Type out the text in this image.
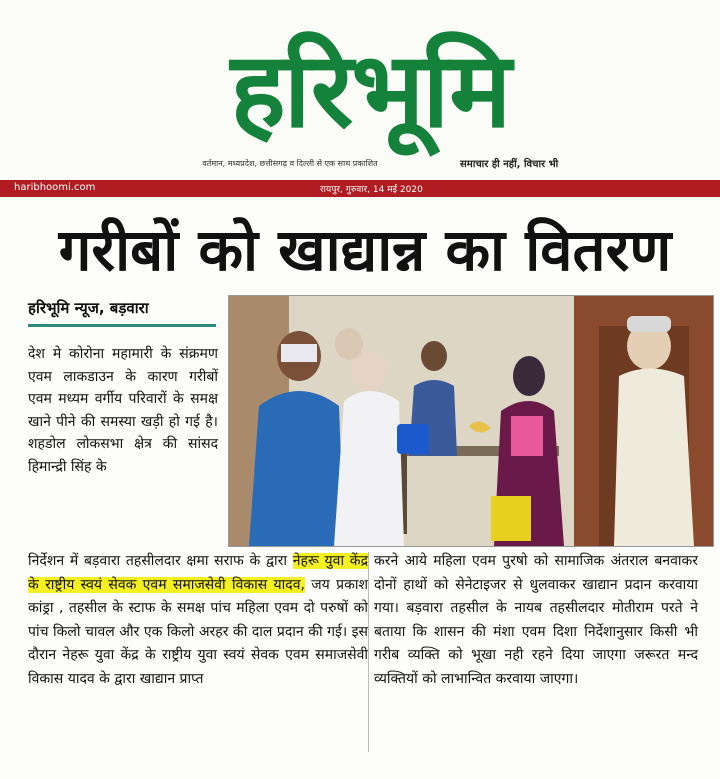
हरिभूमि
वर्तमान, मध्यप्रदेश, छत्तीसगढ़ व दिल्ली से एक साथ प्रकाशित	समाचार ही नहीं, विचार भी
haribhoomi.com	रायपुर, गुरुवार, 14 मई 2020
गरीबों को खाद्यान्न का वितरण
हरिभूमि न्यूज, बड़वारा
देश मे कोरोना महामारी के संक्रमण एवम लाकडाउन के कारण गरीबों एवम मध्यम वर्गीय परिवारों के समक्ष खाने पीने की समस्या खड़ी हो गई है। शहडोल लोकसभा क्षेत्र की सांसद हिमान्द्री सिंह के
निर्देशन में बड़वारा तहसीलदार क्षमा सराफ के द्वारा नेहरू युवा केंद्र के राष्ट्रीय स्वयं सेवक एवम समाजसेवी विकास यादव, जय प्रकाश कांड्रा , तहसील के स्टाफ के समक्ष पांच महिला एवम दो परुषों को पांच किलो चावल और एक किलो अरहर की दाल प्रदान की गई। इस दौरान नेहरू युवा केंद्र के राष्ट्रीय युवा स्वयं सेवक एवम समाजसेवी विकास यादव के द्वारा खाद्यान प्राप्त
करने आये महिला एवम पुरषो को सामाजिक अंतराल बनवाकर दोनों हाथों को सेनेटाइजर से धुलवाकर खाद्यान प्रदान करवाया गया। बड़वारा तहसील के नायब तहसीलदार मोतीराम परते ने बताया कि शासन की मंशा एवम दिशा निर्देशानुसार किसी भी गरीब व्यक्ति को भूखा नही रहने दिया जाएगा जरूरत मन्द व्यक्तियों को लाभान्वित करवाया जाएगा।
